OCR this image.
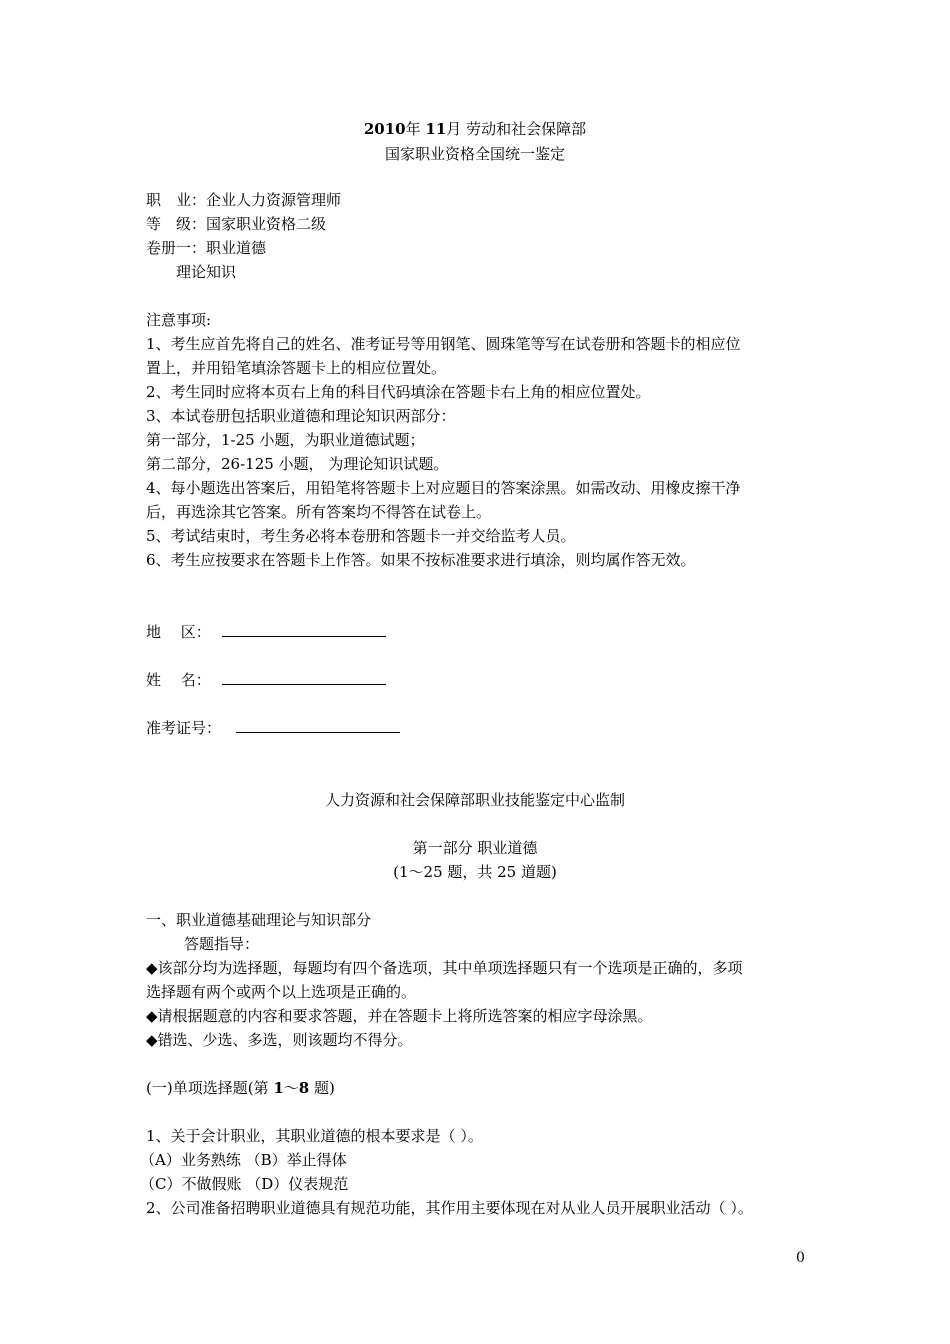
2010年 11月 劳动和社会保障部
国家职业资格全国统一鉴定
职　业：企业人力资源管理师
等　级：国家职业资格二级
卷册一：职业道德
理论知识
注意事项:
1、考生应首先将自己的姓名、准考证号等用钢笔、圆珠笔等写在试卷册和答题卡的相应位
置上，并用铅笔填涂答题卡上的相应位置处。
2、考生同时应将本页右上角的科目代码填涂在答题卡右上角的相应位置处。
3、本试卷册包括职业道德和理论知识两部分：
第一部分，1-25 小题，为职业道德试题；
第二部分，26-125 小题， 为理论知识试题。
4、每小题选出答案后，用铅笔将答题卡上对应题目的答案涂黑。如需改动、用橡皮擦干净
后，再选涂其它答案。所有答案均不得答在试卷上。
5、考试结束时，考生务必将本卷册和答题卡一并交给监考人员。
6、考生应按要求在答题卡上作答。如果不按标准要求进行填涂，则均属作答无效。
地　 区：
姓　 名：
准考证号：
人力资源和社会保障部职业技能鉴定中心监制
第一部分 职业道德
(1～25 题，共 25 道题)
一、职业道德基础理论与知识部分
答题指导：
◆该部分均为选择题，每题均有四个备选项，其中单项选择题只有一个选项是正确的，多项
选择题有两个或两个以上选项是正确的。
◆请根据题意的内容和要求答题，并在答题卡上将所选答案的相应字母涂黑。
◆错选、少选、多选，则该题均不得分。
(一)单项选择题(第 1～8 题)
1、关于会计职业，其职业道德的根本要求是（ ）。
（A）业务熟练 （B）举止得体
（C）不做假账 （D）仪表规范
2、公司准备招聘职业道德具有规范功能，其作用主要体现在对从业人员开展职业活动（ ）。
0
